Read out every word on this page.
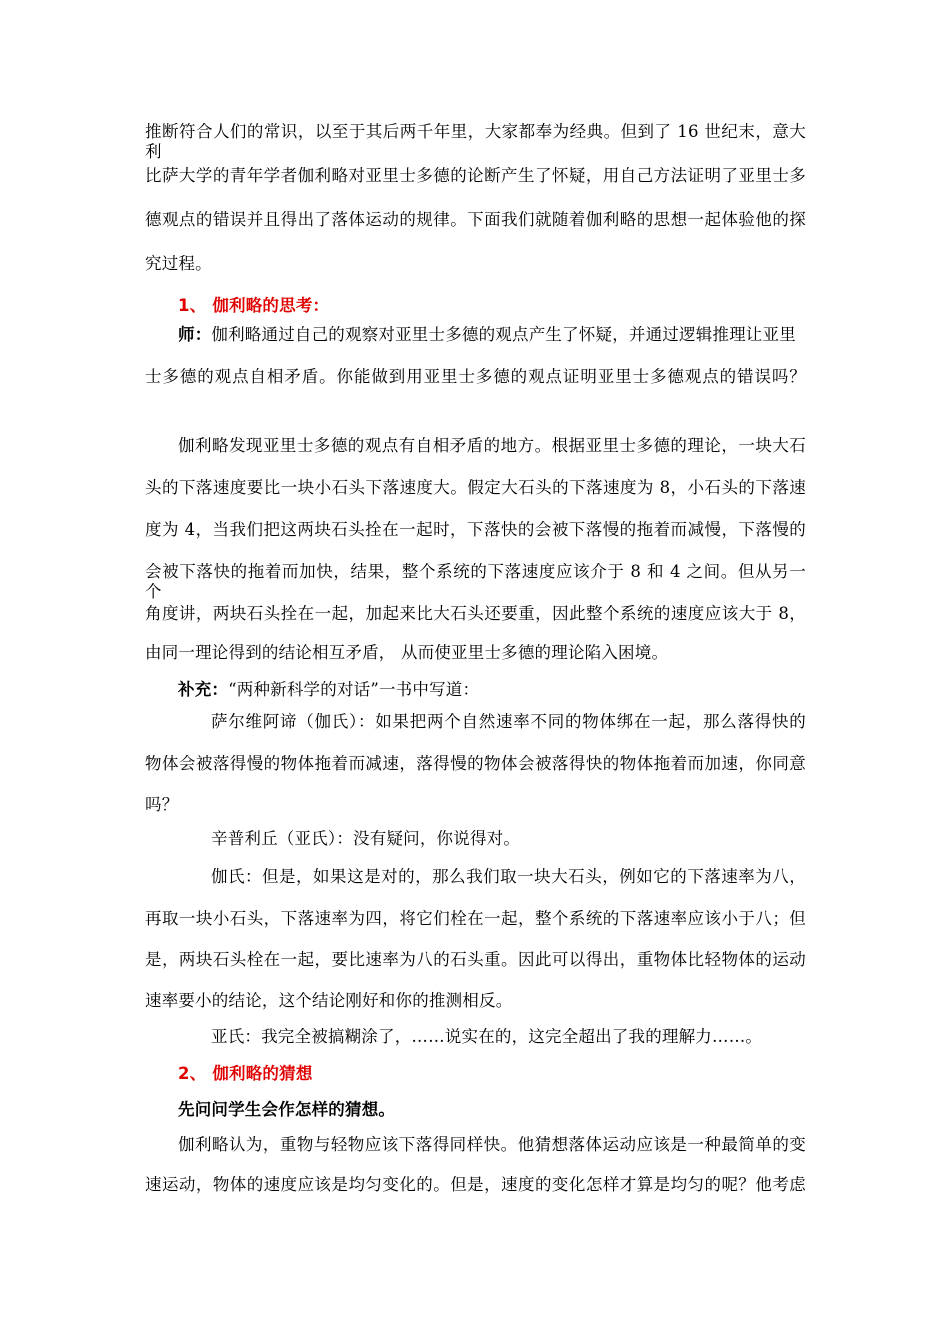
推断符合人们的常识，以至于其后两千年里，大家都奉为经典。但到了 16 世纪末，意大利
比萨大学的青年学者伽利略对亚里士多德的论断产生了怀疑，用自己方法证明了亚里士多
德观点的错误并且得出了落体运动的规律。下面我们就随着伽利略的思想一起体验他的探
究过程。
1、 伽利略的思考：
师：伽利略通过自己的观察对亚里士多德的观点产生了怀疑，并通过逻辑推理让亚里
士多德的观点自相矛盾。你能做到用亚里士多德的观点证明亚里士多德观点的错误吗？
伽利略发现亚里士多德的观点有自相矛盾的地方。根据亚里士多德的理论，一块大石
头的下落速度要比一块小石头下落速度大。假定大石头的下落速度为 8，小石头的下落速
度为 4，当我们把这两块石头拴在一起时，下落快的会被下落慢的拖着而减慢，下落慢的
会被下落快的拖着而加快，结果，整个系统的下落速度应该介于 8 和 4 之间。但从另一个
角度讲，两块石头拴在一起，加起来比大石头还要重，因此整个系统的速度应该大于 8，
由同一理论得到的结论相互矛盾， 从而使亚里士多德的理论陷入困境。
补充：“两种新科学的对话”一书中写道：
萨尔维阿谛（伽氏）：如果把两个自然速率不同的物体绑在一起，那么落得快的
物体会被落得慢的物体拖着而减速，落得慢的物体会被落得快的物体拖着而加速，你同意
吗？
辛普利丘（亚氏）：没有疑问，你说得对。
伽氏：但是，如果这是对的，那么我们取一块大石头，例如它的下落速率为八，
再取一块小石头，下落速率为四，将它们栓在一起，整个系统的下落速率应该小于八；但
是，两块石头栓在一起，要比速率为八的石头重。因此可以得出，重物体比轻物体的运动
速率要小的结论，这个结论刚好和你的推测相反。
亚氏：我完全被搞糊涂了，……说实在的，这完全超出了我的理解力……。
2、 伽利略的猜想
先问问学生会作怎样的猜想。
伽利略认为，重物与轻物应该下落得同样快。他猜想落体运动应该是一种最简单的变
速运动，物体的速度应该是均匀变化的。但是，速度的变化怎样才算是均匀的呢？他考虑
